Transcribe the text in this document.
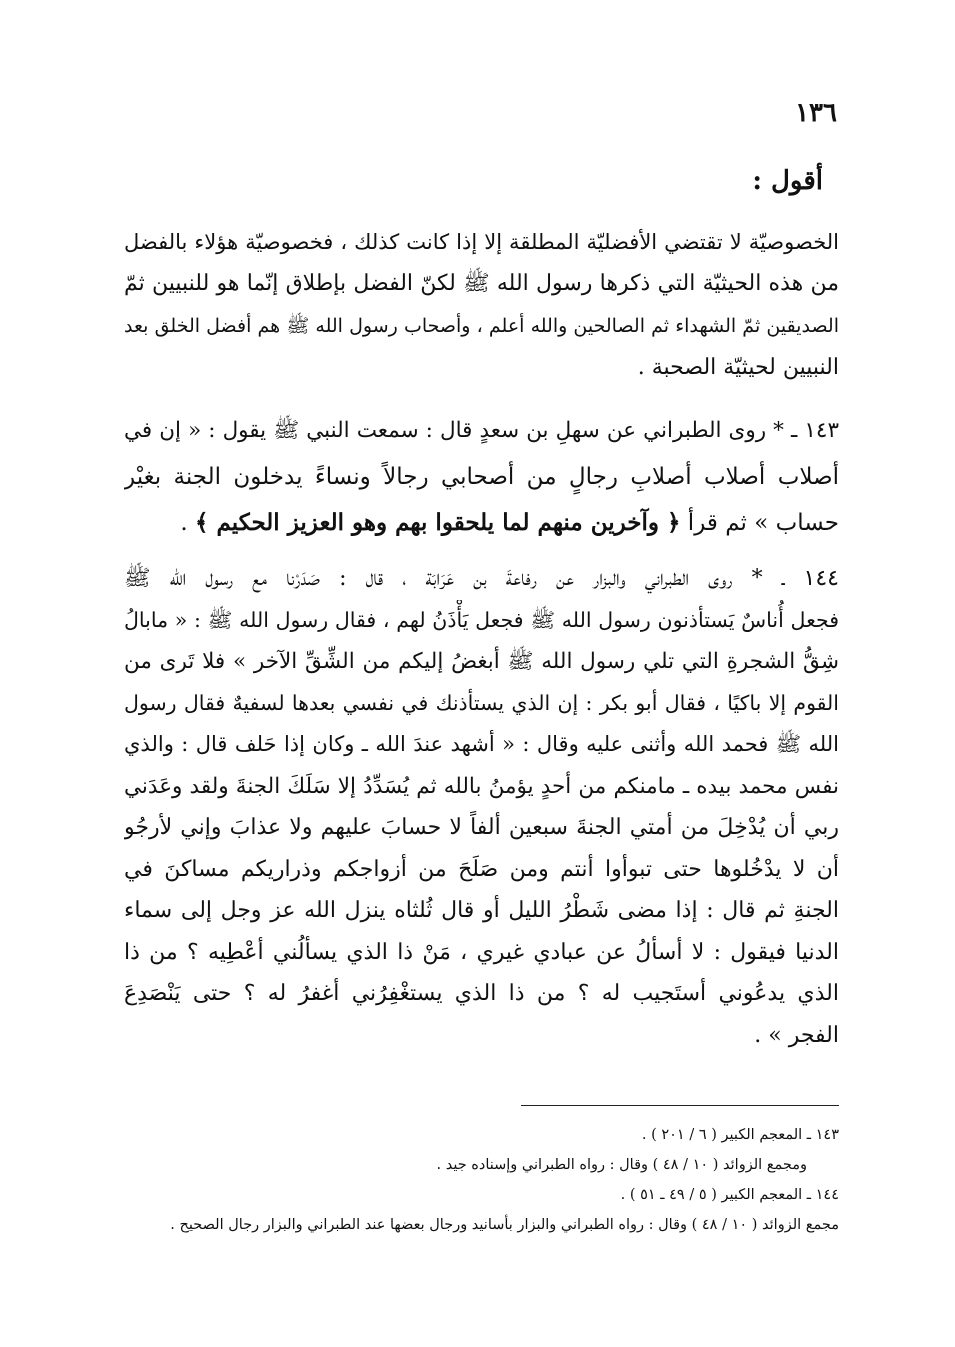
١٣٦

أقول :
الخصوصيّة لا تقتضي الأفضليّة المطلقة إلا إذا كانت كذلك ، فخصوصيّة هؤلاء بالفضل
من هذه الحيثيّة التي ذكرها رسول الله ﷺ لكنّ الفضل بإطلاق إنّما هو للنبيين ثمّ
الصديقين ثمّ الشهداء ثم الصالحين والله أعلم ، وأصحاب رسول الله ﷺ هم أفضل الخلق بعد
النبيين لحيثيّة الصحبة .
١٤٣ ـ * روى الطبراني عن سهلِ بن سعدٍ قال : سمعت النبي ﷺ يقول : « إن في
أصلاب أصلاب أصلابِ رجالٍ من أصحابي رجالاً ونساءً يدخلون الجنة بغيْر
حساب » ثم قرأ ﴿ وآخرين منهم لما يلحقوا بهم وهو العزيز الحكيم ﴾ .
١٤٤ ـ * روى الطبراني والبزار عن رفاعةَ بن عَرَابَة ، قال : صَدَرْنا مع رسول الله ﷺ
فجعل أُناسٌ يَستأذنون رسول الله ﷺ فجعل يَأْذَنُ لهم ، فقال رسول الله ﷺ : « مابالُ
شِقُّ الشجرةِ التي تلي رسول الله ﷺ أبغضُ إليكم من الشِّقِّ الآخر » فلا تَرى من
القوم إلا باكيًا ، فقال أبو بكر : إن الذي يستأذنك في نفسي بعدها لسفيهٌ فقال رسول
الله ﷺ فحمد الله وأثنى عليه وقال : « أشهد عندَ الله ـ وكان إذا حَلف قال : والذي
نفس محمد بيده ـ مامنكم من أحدٍ يؤمنُ بالله ثم يُسَدِّدُ إلا سَلَكَ الجنةَ ولقد وعَدَني
ربي أن يُدْخِلَ من أمتي الجنةَ سبعين ألفاً لا حسابَ عليهم ولا عذابَ وإني لأرجُو
أن لا يدْخُلوها حتى تبوأوا أنتم ومن صَلَحَ من أزواجكم وذراريكم مساكنَ في
الجنةِ ثم قال : إذا مضى شَطْرُ الليل أو قال ثُلثاه ينزل الله عز وجل إلى سماء
الدنيا فيقول : لا أسألُ عن عبادي غيري ، مَنْ ذا الذي يسألُني أعْطِيه ؟ من ذا
الذي يدعُوني أستَجيب له ؟ من ذا الذي يستغْفِرُني أغفرُ له ؟ حتى يَنْصَدِعَ
الفجر » .
١٤٣ ـ المعجم الكبير ( ٦ / ٢٠١ ) .
ومجمع الزوائد ( ١٠ / ٤٨ ) وقال : رواه الطبراني وإسناده جيد .
١٤٤ ـ المعجم الكبير ( ٥ / ٤٩ ـ ٥١ ) .
مجمع الزوائد ( ١٠ / ٤٨ ) وقال : رواه الطبراني والبزار بأسانيد ورجال بعضها عند الطبراني والبزار رجال الصحيح .
